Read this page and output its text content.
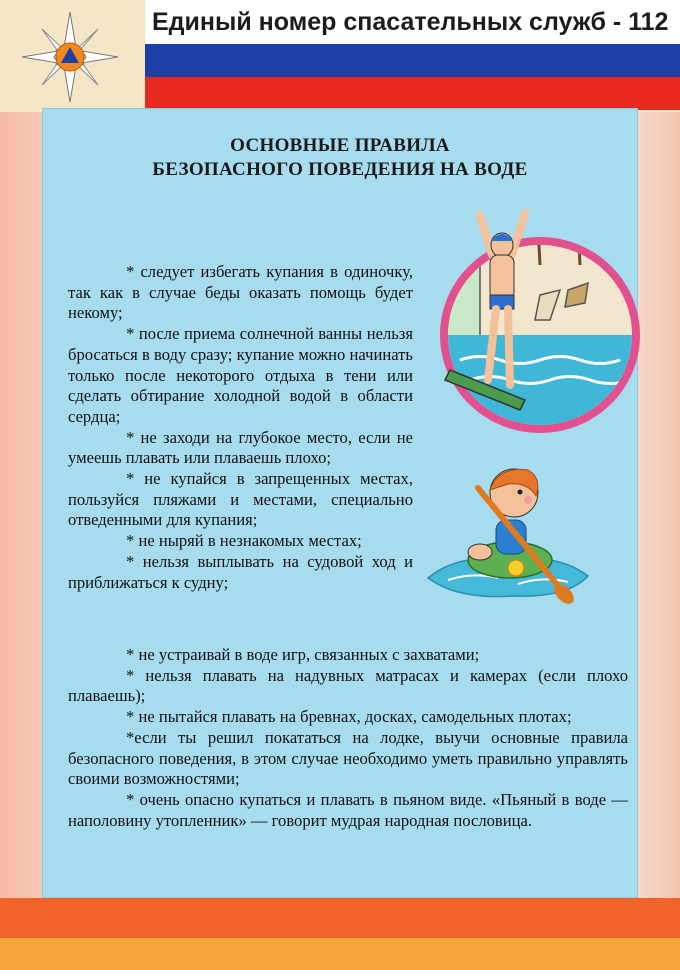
Единый номер спасательных служб - 112
ОСНОВНЫЕ ПРАВИЛА
БЕЗОПАСНОГО ПОВЕДЕНИЯ НА ВОДЕ

* следует избегать купания в одиночку, так как в случае беды оказать помощь будет некому;

* после приема солнечной ванны нельзя бросаться в воду сразу; купание можно начинать только после некоторого отдыха в тени или сделать обтирание холодной водой в области сердца;

* не заходи на глубокое место, если не умеешь плавать или плаваешь плохо;

* не купайся в запрещенных местах, пользуйся пляжами и местами, специально отведенными для купания;

* не ныряй в незнакомых местах;

* нельзя выплывать на судовой ход и приближаться к судну;

* не устраивай в воде игр, связанных с захватами;

* нельзя плавать на надувных матрасах и камерах (если плохо плаваешь);

* не пытайся плавать на бревнах, досках, самодельных плотах;

*если ты решил покататься на лодке, выучи основные правила безопасного поведения, в этом случае необходимо уметь правильно управлять своими возможностями;

* очень опасно купаться и плавать в пьяном виде. «Пьяный в воде — наполовину утопленник» — говорит мудрая народная пословица.
